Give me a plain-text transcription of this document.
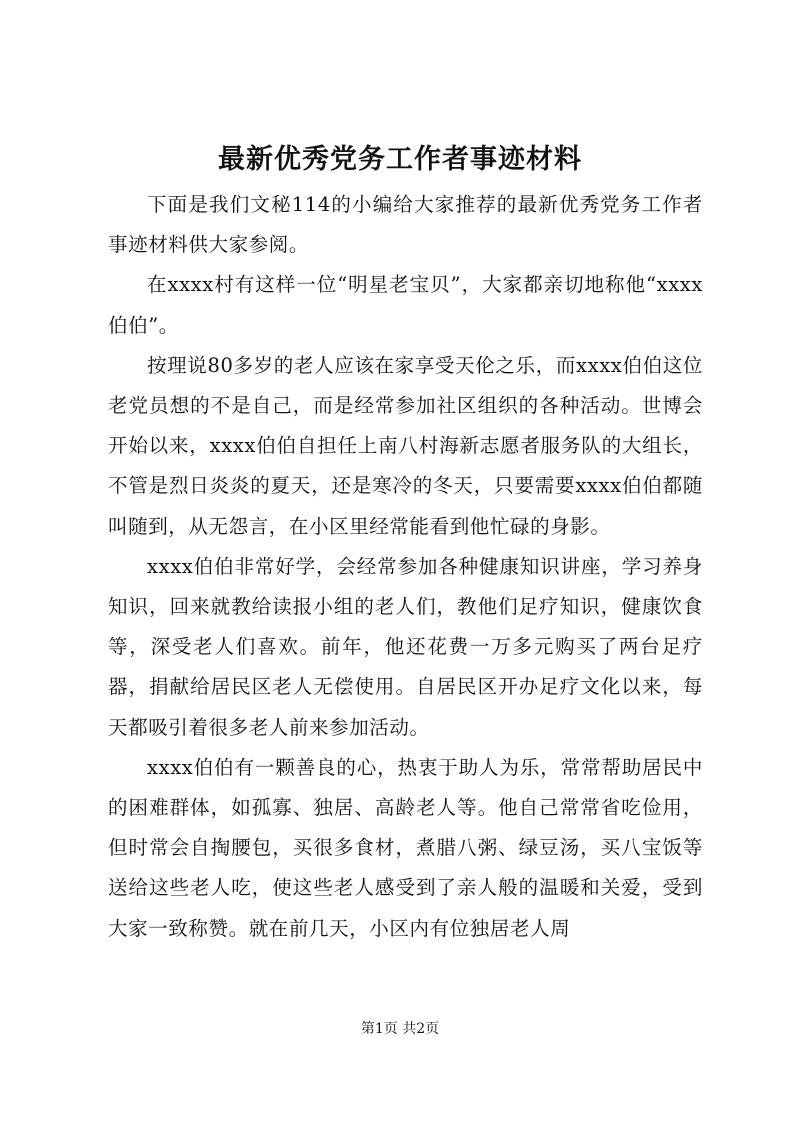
最新优秀党务工作者事迹材料

下面是我们文秘114的小编给大家推荐的最新优秀党务工作者事迹材料供大家参阅。

在xxxx村有这样一位“明星老宝贝”，大家都亲切地称他“xxxx伯伯”。

按理说80多岁的老人应该在家享受天伦之乐，而xxxx伯伯这位老党员想的不是自己，而是经常参加社区组织的各种活动。世博会开始以来，xxxx伯伯自担任上南八村海新志愿者服务队的大组长，不管是烈日炎炎的夏天，还是寒冷的冬天，只要需要xxxx伯伯都随叫随到，从无怨言，在小区里经常能看到他忙碌的身影。

xxxx伯伯非常好学，会经常参加各种健康知识讲座，学习养身知识，回来就教给读报小组的老人们，教他们足疗知识，健康饮食等，深受老人们喜欢。前年，他还花费一万多元购买了两台足疗器，捐献给居民区老人无偿使用。自居民区开办足疗文化以来，每天都吸引着很多老人前来参加活动。

xxxx伯伯有一颗善良的心，热衷于助人为乐，常常帮助居民中的困难群体，如孤寡、独居、高龄老人等。他自己常常省吃俭用，但时常会自掏腰包，买很多食材，煮腊八粥、绿豆汤，买八宝饭等送给这些老人吃，使这些老人感受到了亲人般的温暖和关爱，受到大家一致称赞。就在前几天，小区内有位独居老人周

第1页 共2页
